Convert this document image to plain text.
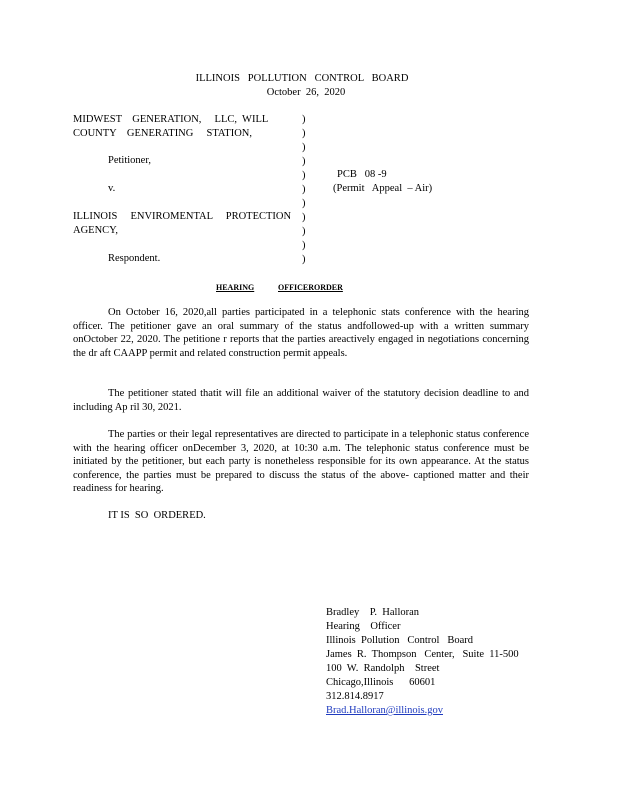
ILLINOIS   POLLUTION   CONTROL   BOARD
October  26,  2020
MIDWEST    GENERATION,     LLC,  WILL
COUNTY    GENERATING     STATION,
Petitioner,
v.
ILLINOIS     ENVIROMENTAL     PROTECTION
AGENCY,
Respondent.
)
)
)
)
)
)
)
)
)
)
)
PCB   08 -9
(Permit   Appeal  – Air)
HEARING	OFFICERORDER
On October 16, 2020,all parties participated in a telephonic stats conference with the hearing officer. The petitioner gave an oral summary of the status andfollowed-up with a written summary onOctober 22, 2020. The petitione r reports that the parties areactively engaged in negotiations concerning the dr aft CAAPP permit and related construction permit appeals.
The petitioner stated thatit will file an additional waiver of the statutory decision deadline to and including Ap ril 30, 2021.
The parties or their legal representatives are directed to participate in a telephonic status conference with the hearing officer onDecember 3, 2020, at 10:30 a.m. The telephonic status conference must be initiated by the petitioner, but each party is nonetheless responsible for its own appearance. At the status conference, the parties must be prepared to discuss the status of the above- captioned matter and their readiness for hearing.
IT IS  SO  ORDERED.
Bradley    P.  Halloran
Hearing    Officer
Illinois  Pollution   Control   Board
James  R.  Thompson   Center,   Suite  11-500
100  W.  Randolph    Street
Chicago,Illinois      60601
312.814.8917
Brad.Halloran@illinois.gov
